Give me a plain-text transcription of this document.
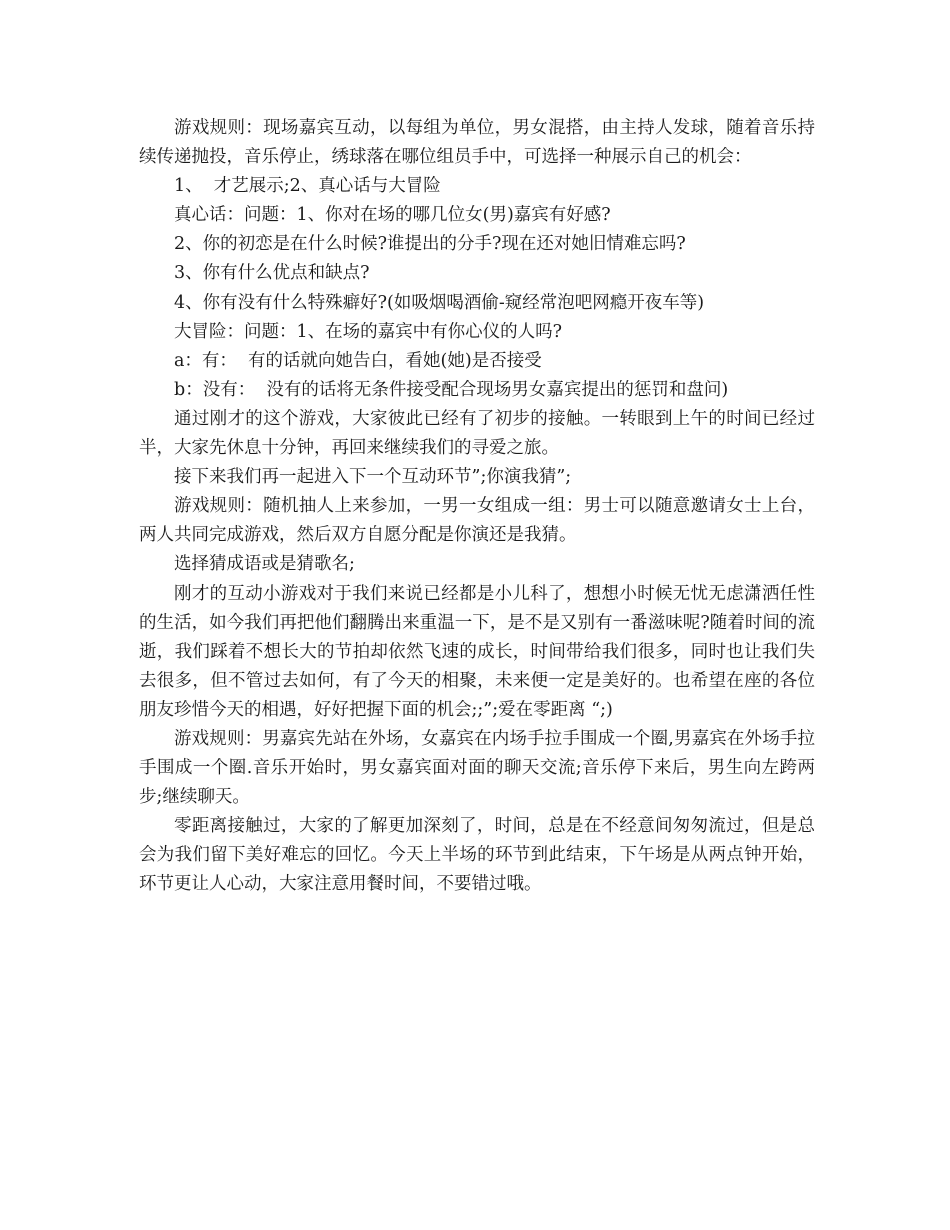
游戏规则：现场嘉宾互动，以每组为单位，男女混搭，由主持人发球，随着音乐持续传递抛投，音乐停止，绣球落在哪位组员手中，可选择一种展示自己的机会：

1、  才艺展示;2、真心话与大冒险

真心话：问题：1、你对在场的哪几位女(男)嘉宾有好感?

2、你的初恋是在什么时候?谁提出的分手?现在还对她旧情难忘吗?

3、你有什么优点和缺点?

4、你有没有什么特殊癖好?(如吸烟喝酒偷-窥经常泡吧网瘾开夜车等)

大冒险：问题：1、在场的嘉宾中有你心仪的人吗?

a：有：  有的话就向她告白，看她(她)是否接受

b：没有：  没有的话将无条件接受配合现场男女嘉宾提出的惩罚和盘问)

通过刚才的这个游戏，大家彼此已经有了初步的接触。一转眼到上午的时间已经过半，大家先休息十分钟，再回来继续我们的寻爱之旅。

接下来我们再一起进入下一个互动环节”;你演我猜”;

游戏规则：随机抽人上来参加，一男一女组成一组：男士可以随意邀请女士上台，两人共同完成游戏，然后双方自愿分配是你演还是我猜。

选择猜成语或是猜歌名;

刚才的互动小游戏对于我们来说已经都是小儿科了，想想小时候无忧无虑潇洒任性的生活，如今我们再把他们翻腾出来重温一下，是不是又别有一番滋味呢?随着时间的流逝，我们踩着不想长大的节拍却依然飞速的成长，时间带给我们很多，同时也让我们失去很多，但不管过去如何，有了今天的相聚，未来便一定是美好的。也希望在座的各位朋友珍惜今天的相遇，好好把握下面的机会;;”;爱在零距离 “;)

游戏规则：男嘉宾先站在外场，女嘉宾在内场手拉手围成一个圈,男嘉宾在外场手拉手围成一个圈.音乐开始时，男女嘉宾面对面的聊天交流;音乐停下来后，男生向左跨两步;继续聊天。

零距离接触过，大家的了解更加深刻了，时间，总是在不经意间匆匆流过，但是总会为我们留下美好难忘的回忆。今天上半场的环节到此结束，下午场是从两点钟开始，环节更让人心动，大家注意用餐时间，不要错过哦。
